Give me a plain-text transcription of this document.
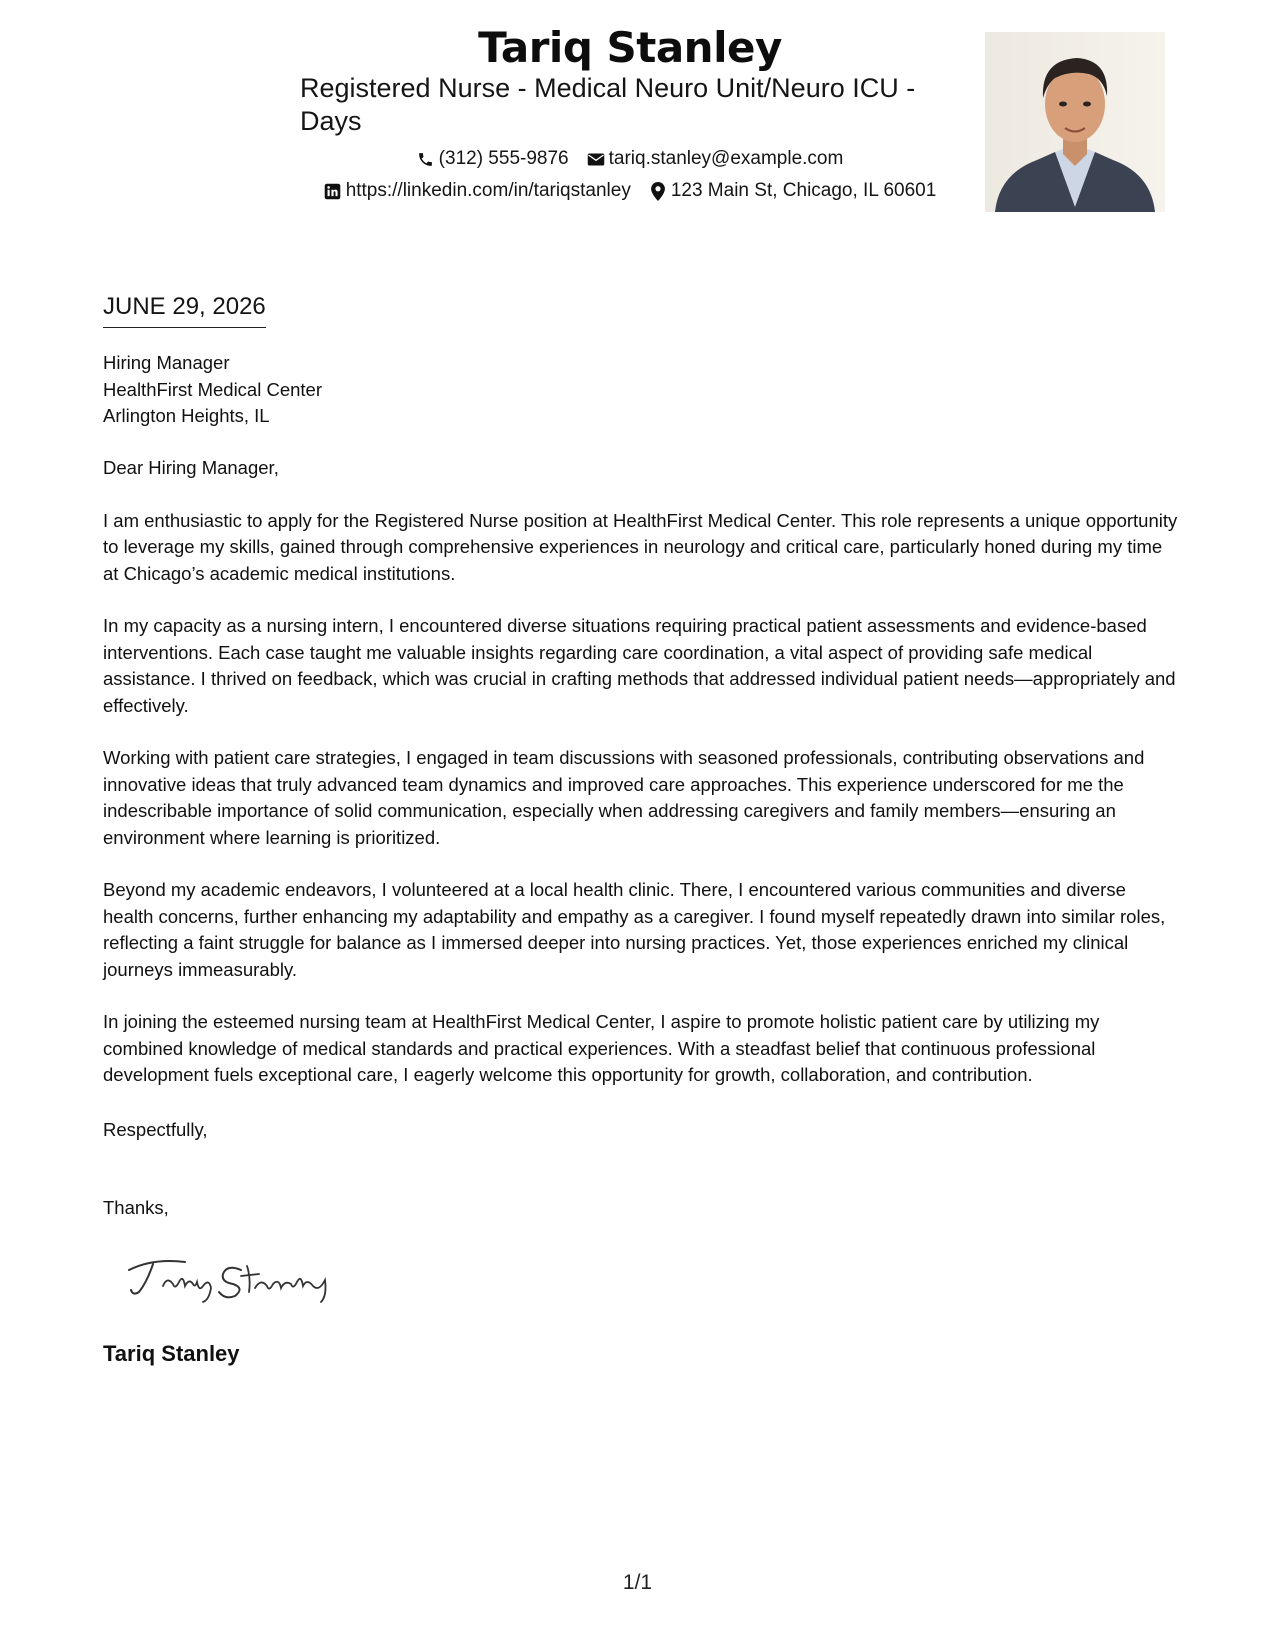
Tariq Stanley
Registered Nurse - Medical Neuro Unit/Neuro ICU - Days
(312) 555-9876 tariq.stanley@example.com
https://linkedin.com/in/tariqstanley 123 Main St, Chicago, IL 60601
JUNE 29, 2026
Hiring Manager
HealthFirst Medical Center
Arlington Heights, IL

Dear Hiring Manager,

I am enthusiastic to apply for the Registered Nurse position at HealthFirst Medical Center. This role represents a unique opportunity to leverage my skills, gained through comprehensive experiences in neurology and critical care, particularly honed during my time at Chicago’s academic medical institutions.

In my capacity as a nursing intern, I encountered diverse situations requiring practical patient assessments and evidence-based interventions. Each case taught me valuable insights regarding care coordination, a vital aspect of providing safe medical assistance. I thrived on feedback, which was crucial in crafting methods that addressed individual patient needs—appropriately and effectively.

Working with patient care strategies, I engaged in team discussions with seasoned professionals, contributing observations and innovative ideas that truly advanced team dynamics and improved care approaches. This experience underscored for me the indescribable importance of solid communication, especially when addressing caregivers and family members—ensuring an environment where learning is prioritized.

Beyond my academic endeavors, I volunteered at a local health clinic. There, I encountered various communities and diverse health concerns, further enhancing my adaptability and empathy as a caregiver. I found myself repeatedly drawn into similar roles, reflecting a faint struggle for balance as I immersed deeper into nursing practices. Yet, those experiences enriched my clinical journeys immeasurably.

In joining the esteemed nursing team at HealthFirst Medical Center, I aspire to promote holistic patient care by utilizing my combined knowledge of medical standards and practical experiences. With a steadfast belief that continuous professional development fuels exceptional care, I eagerly welcome this opportunity for growth, collaboration, and contribution.

Respectfully,
Thanks,
Tariq Stanley
1/1
